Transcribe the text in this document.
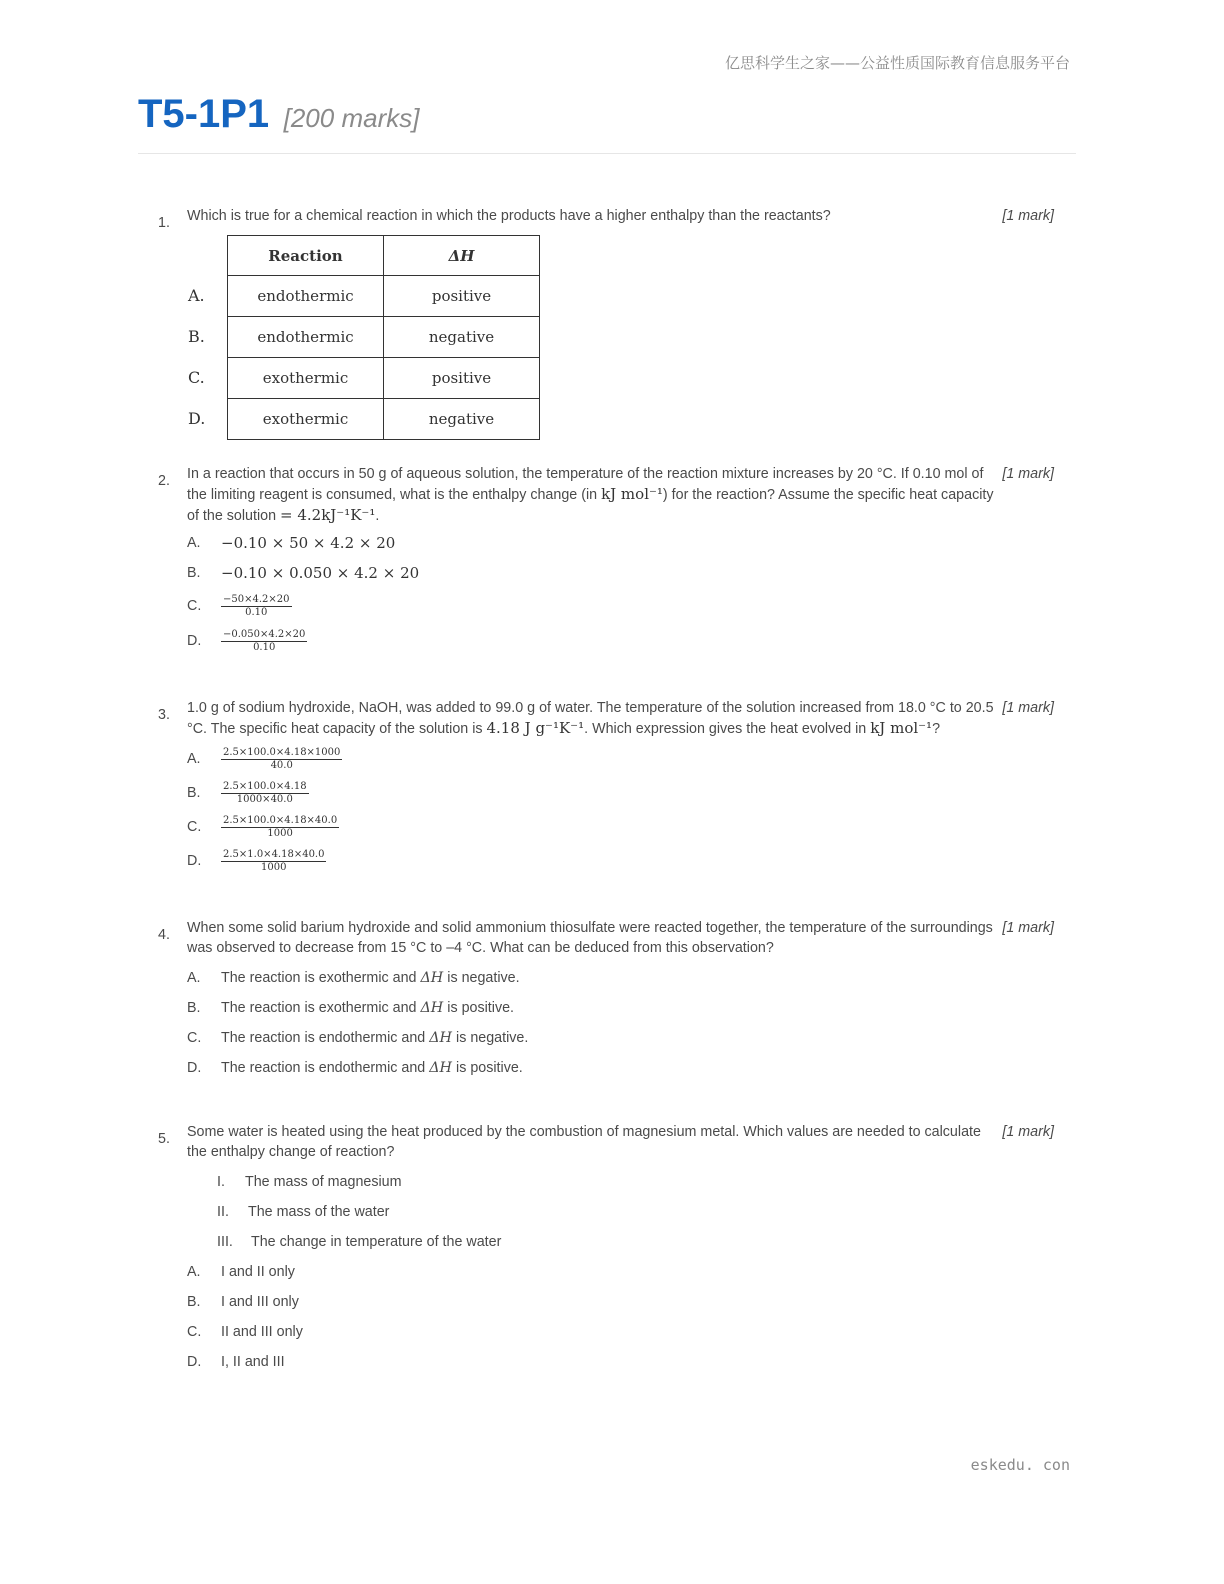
亿思科学生之家——公益性质国际教育信息服务平台
T5-1P1 [200 marks]
1. Which is true for a chemical reaction in which the products have a higher enthalpy than the reactants?	[1 mark]
	Reaction	ΔH
A.	endothermic	positive
B.	endothermic	negative
C.	exothermic	positive
D.	exothermic	negative
2. In a reaction that occurs in 50 g of aqueous solution, the temperature of the reaction mixture increases by 20 °C. If 0.10 mol of the limiting reagent is consumed, what is the enthalpy change (in kJ mol⁻¹) for the reaction? Assume the specific heat capacity of the solution = 4.2kJ⁻¹K⁻¹.
[1 mark]
A.	−0.10 × 50 × 4.2 × 20
B.	−0.10 × 0.050 × 4.2 × 20
C.	$\frac{-50\times 4.2\times 20}{0.10}$
D.	$\frac{-0.050\times 4.2\times 20}{0.10}$
3. 1.0 g of sodium hydroxide, NaOH, was added to 99.0 g of water. The temperature of the solution increased from 18.0 °C to 20.5 °C. The specific heat capacity of the solution is 4.18 J g⁻¹K⁻¹. Which expression gives the heat evolved in kJ mol⁻¹?
[1 mark]
A.	$\frac{2.5\times 100.0\times 4.18\times 1000}{40.0}$
B.	$\frac{2.5\times 100.0\times 4.18}{1000\times 40.0}$
C.	$\frac{2.5\times 100.0\times 4.18\times 40.0}{1000}$
D.	$\frac{2.5\times 1.0\times 4.18\times 40.0}{1000}$
4. When some solid barium hydroxide and solid ammonium thiosulfate were reacted together, the temperature of the surroundings was observed to decrease from 15 °C to –4 °C. What can be deduced from this observation?
[1 mark]
A.	The reaction is exothermic and
ΔH
is negative.
B.	The reaction is exothermic and
ΔH
is positive.
C.	The reaction is endothermic and
ΔH
is negative.
D.	The reaction is endothermic and
ΔH
is positive.
5. Some water is heated using the heat produced by the combustion of magnesium metal. Which values are needed to calculate the enthalpy change of reaction?
[1 mark]
I. The mass of magnesium
II. The mass of the water
III. The change in temperature of the water
A.	I and II only
B.	I and III only
C.	II and III only
D.	I, II and III
eskedu. con
